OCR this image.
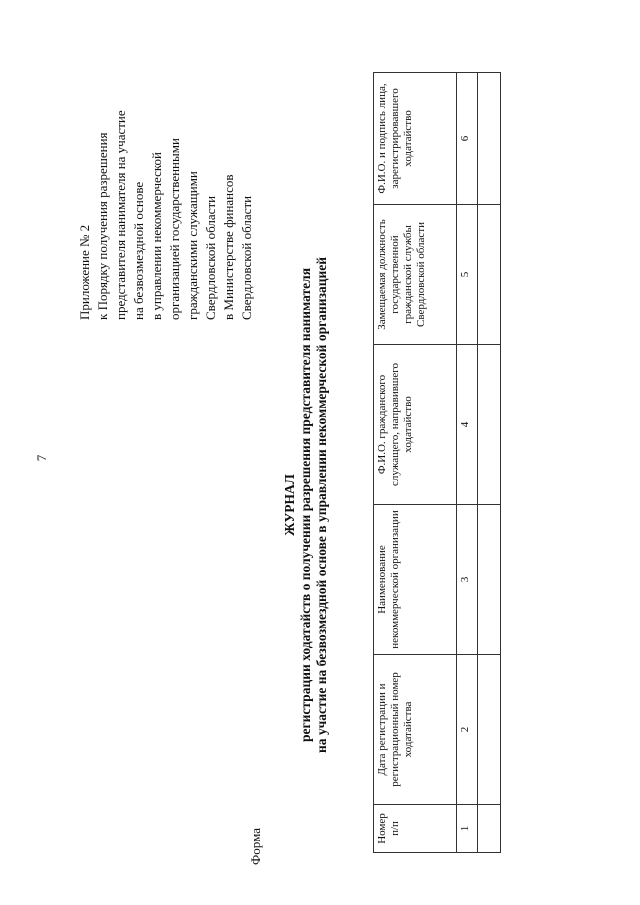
7
Приложение № 2 к Порядку получения разрешения представителя нанимателя на участие на безвозмездной основе в управлении некоммерческой организацией государственными гражданскими служащими Свердловской области в Министерстве финансов Свердловской области
Форма
ЖУРНАЛ регистрации ходатайств о получении разрешения представителя нанимателя на участие на безвозмездной основе в управлении некоммерческой организацией
Номер п/п	Дата регистрации и регистрационный номер ходатайства	Наименование некоммерческой организации	Ф.И.О. гражданского служащего, направившего ходатайство	Замещаемая должность государственной гражданской службы Свердловской области	Ф.И.О. и подпись лица, зарегистрировавшего ходатайство
1	2	3	4	5	6
